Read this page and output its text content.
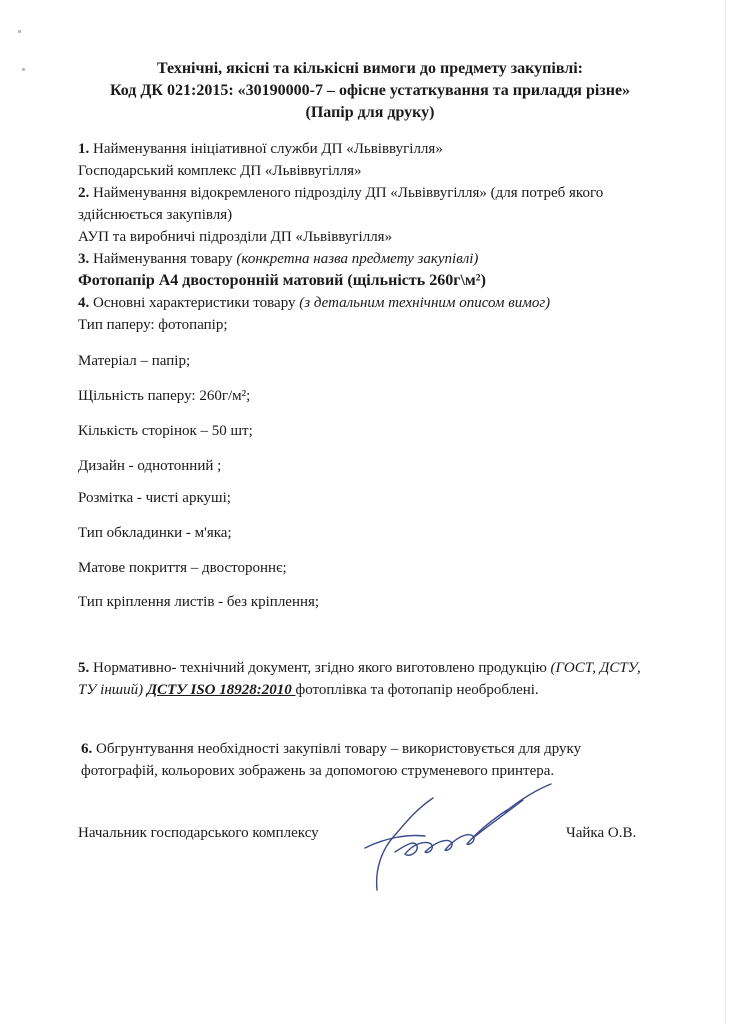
Технічні, якісні та кількісні вимоги до предмету закупівлі:
Код ДК 021:2015: «30190000-7 – офісне устаткування та приладдя різне»
(Папір для друку)
1. Найменування ініціативної служби ДП «Львіввугілля»
Господарський комплекс ДП «Львіввугілля»
2. Найменування відокремленого підрозділу ДП «Львіввугілля» (для потреб якого здійснюється закупівля)
АУП та виробничі підрозділи ДП «Львіввугілля»
3. Найменування товару (конкретна назва предмету закупівлі)
Фотопапір А4 двосторонній матовий (щільність 260г\м²)
4. Основні характеристики товару (з детальним технічним описом вимог)
Тип паперу: фотопапір;
Матеріал – папір;
Щільність паперу: 260г/м²;
Кількість сторінок – 50 шт;
Дизайн - однотонний ;
Розмітка - чисті аркуші;
Тип обкладинки - м'яка;
Матове покриття – двостороннє;
Тип кріплення листів - без кріплення;
5. Нормативно- технічний документ, згідно якого виготовлено продукцію (ГОСТ, ДСТУ, ТУ інший) ДСТУ ISO 18928:2010 фотоплівка та фотопапір необроблені.
6. Обгрунтування необхідності закупівлі товару – використовується для друку фотографій, кольорових зображень за допомогою струменевого принтера.
Начальник господарського комплексу	Чайка О.В.
